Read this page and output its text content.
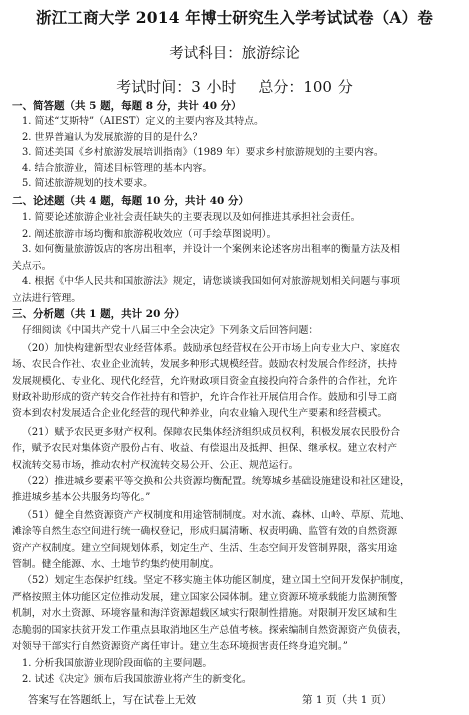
浙江工商大学 2014 年博士研究生入学考试试卷（A）卷
考试科目：旅游综论
考试时间：3 小时 总分：100 分
一、简答题（共 5 题，每题 8 分，共计 40 分）
1. 简述“艾斯特”（AIEST）定义的主要内容及其特点。
2. 世界普遍认为发展旅游的目的是什么？
3. 简述美国《乡村旅游发展培训指南》（1989 年）要求乡村旅游规划的主要内容。
4. 结合旅游业，简述目标管理的基本内容。
5. 简述旅游规划的技术要求。
二、论述题（共 4 题，每题 10 分，共计 40 分）
1. 简要论述旅游企业社会责任缺失的主要表现以及如何推进其承担社会责任。
2. 阐述旅游市场均衡和旅游税收效应（可手绘草图说明）。
3. 如何衡量旅游饭店的客房出租率，并设计一个案例来论述客房出租率的衡量方法及相
关点示。
4. 根据《中华人民共和国旅游法》规定，请您谈谈我国如何对旅游规划相关问题与事项
立法进行管理。
三、分析题（共 1 题，共计 20 分）
仔细阅读《中国共产党十八届三中全会决定》下列条文后回答问题：
（20）加快构建新型农业经营体系。鼓励承包经营权在公开市场上向专业大户、家庭农
场、农民合作社、农业企业流转，发展多种形式规模经营。鼓励农村发展合作经济，扶持
发展规模化、专业化、现代化经营，允许财政项目资金直接投向符合条件的合作社，允许
财政补助形成的资产转交合作社持有和管护，允许合作社开展信用合作。鼓励和引导工商
资本到农村发展适合企业化经营的现代种养业，向农业输入现代生产要素和经营模式。
（21）赋予农民更多财产权利。保障农民集体经济组织成员权利，积极发展农民股份合
作，赋予农民对集体资产股份占有、收益、有偿退出及抵押、担保、继承权。建立农村产
权流转交易市场，推动农村产权流转交易公开、公正、规范运行。
（22）推进城乡要素平等交换和公共资源均衡配置。统筹城乡基础设施建设和社区建设，
推进城乡基本公共服务均等化。”
（51）健全自然资源资产产权制度和用途管制制度。对水流、森林、山岭、草原、荒地、
滩涂等自然生态空间进行统一确权登记，形成归属清晰、权责明确、监管有效的自然资源
资产产权制度。建立空间规划体系，划定生产、生活、生态空间开发管制界限，落实用途
管制。健全能源、水、土地节约集约使用制度。
（52）划定生态保护红线。坚定不移实施主体功能区制度，建立国土空间开发保护制度，
严格按照主体功能区定位推动发展，建立国家公园体制。建立资源环境承载能力监测预警
机制，对水土资源、环境容量和海洋资源超载区域实行限制性措施。对限制开发区域和生
态脆弱的国家扶贫开发工作重点县取消地区生产总值考核。探索编制自然资源资产负债表，
对领导干部实行自然资源资产离任审计。建立生态环境损害责任终身追究制。”
1. 分析我国旅游业现阶段面临的主要问题。
2. 试述《决定》颁布后我国旅游业将产生的新变化。
答案写在答题纸上，写在试卷上无效	第 1 页（共 1 页）
